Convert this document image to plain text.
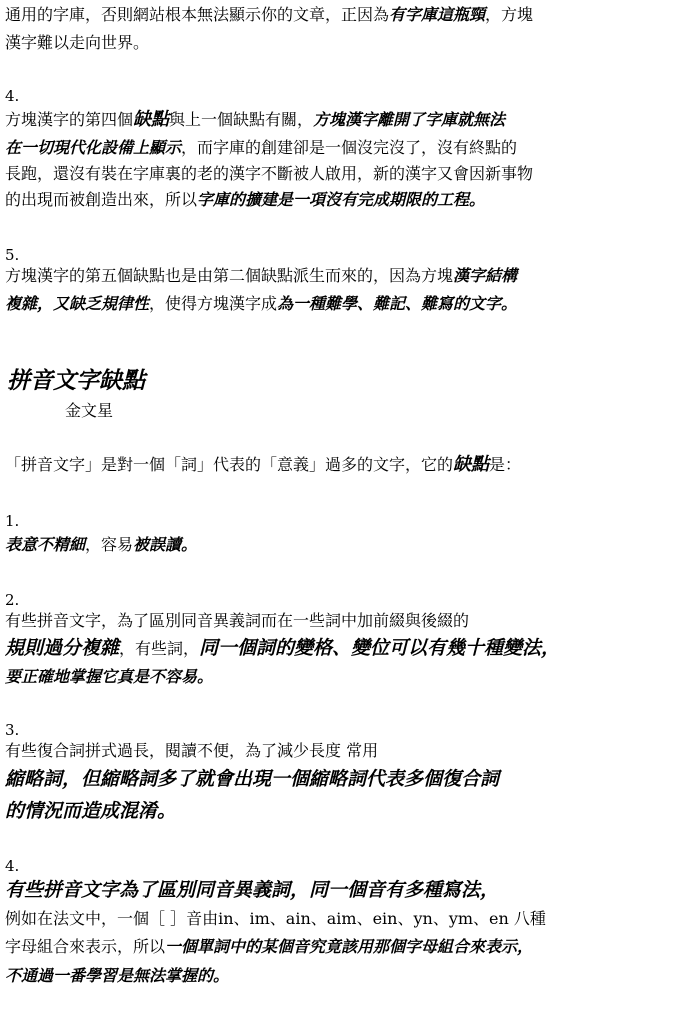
通用的字庫，否則網站根本無法顯示你的文章，正因為有字庫這瓶頸，方塊
漢字難以走向世界。
4.
方塊漢字的第四個缺點與上一個缺點有關，方塊漢字離開了字庫就無法
在一切現代化設備上顯示，而字庫的創建卻是一個沒完沒了，沒有終點的
長跑，還沒有裝在字庫裏的老的漢字不斷被人啟用，新的漢字又會因新事物
的出現而被創造出來，所以字庫的擴建是一項沒有完成期限的工程。
5.
方塊漢字的第五個缺點也是由第二個缺點派生而來的，因為方塊漢字結構
複雜，又缺乏規律性，使得方塊漢字成為一種難學、難記、難寫的文字。
拼音文字缺點
金文星
「拼音文字」是對一個「詞」代表的「意義」過多的文字，它的缺點是：
1.
表意不精細，容易被誤讀。
2.
有些拼音文字，為了區別同音異義詞而在一些詞中加前綴與後綴的
規則過分複雜，有些詞，同一個詞的變格、變位可以有幾十種變法，
要正確地掌握它真是不容易。
3.
有些復合詞拼式過長，閱讀不便，為了減少長度 常用
縮略詞，但縮略詞多了就會出現一個縮略詞代表多個復合詞
的情況而造成混淆。
4.
有些拼音文字為了區別同音異義詞，同一個音有多種寫法，
例如在法文中，一個［ ］音由in、im、ain、aim、ein、yn、ym、en 八種
字母組合來表示，所以一個單詞中的某個音究竟該用那個字母組合來表示，
不通過一番學習是無法掌握的。
